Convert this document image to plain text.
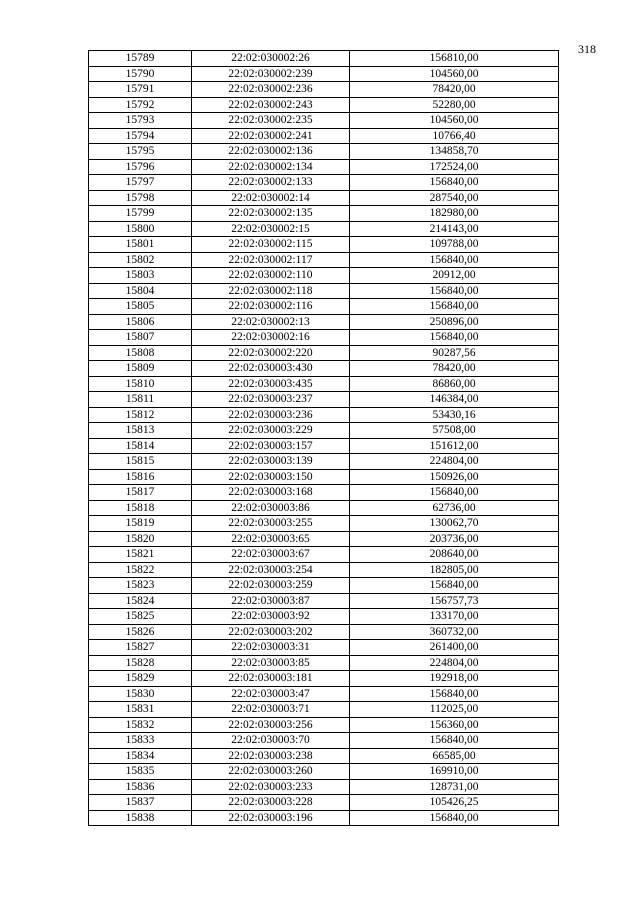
318
15789	22:02:030002:26	156810,00
15790	22:02:030002:239	104560,00
15791	22:02:030002:236	78420,00
15792	22:02:030002:243	52280,00
15793	22:02:030002:235	104560,00
15794	22:02:030002:241	10766,40
15795	22:02:030002:136	134858,70
15796	22:02:030002:134	172524,00
15797	22:02:030002:133	156840,00
15798	22:02:030002:14	287540,00
15799	22:02:030002:135	182980,00
15800	22:02:030002:15	214143,00
15801	22:02:030002:115	109788,00
15802	22:02:030002:117	156840,00
15803	22:02:030002:110	20912,00
15804	22:02:030002:118	156840,00
15805	22:02:030002:116	156840,00
15806	22:02:030002:13	250896,00
15807	22:02:030002:16	156840,00
15808	22:02:030002:220	90287,56
15809	22:02:030003:430	78420,00
15810	22:02:030003:435	86860,00
15811	22:02:030003:237	146384,00
15812	22:02:030003:236	53430,16
15813	22:02:030003:229	57508,00
15814	22:02:030003:157	151612,00
15815	22:02:030003:139	224804,00
15816	22:02:030003:150	150926,00
15817	22:02:030003:168	156840,00
15818	22:02:030003:86	62736,00
15819	22:02:030003:255	130062,70
15820	22:02:030003:65	203736,00
15821	22:02:030003:67	208640,00
15822	22:02:030003:254	182805,00
15823	22:02:030003:259	156840,00
15824	22:02:030003:87	156757,73
15825	22:02:030003:92	133170,00
15826	22:02:030003:202	360732,00
15827	22:02:030003:31	261400,00
15828	22:02:030003:85	224804,00
15829	22:02:030003:181	192918,00
15830	22:02:030003:47	156840,00
15831	22:02:030003:71	112025,00
15832	22:02:030003:256	156360,00
15833	22:02:030003:70	156840,00
15834	22:02:030003:238	66585,00
15835	22:02:030003:260	169910,00
15836	22:02:030003:233	128731,00
15837	22:02:030003:228	105426,25
15838	22:02:030003:196	156840,00
